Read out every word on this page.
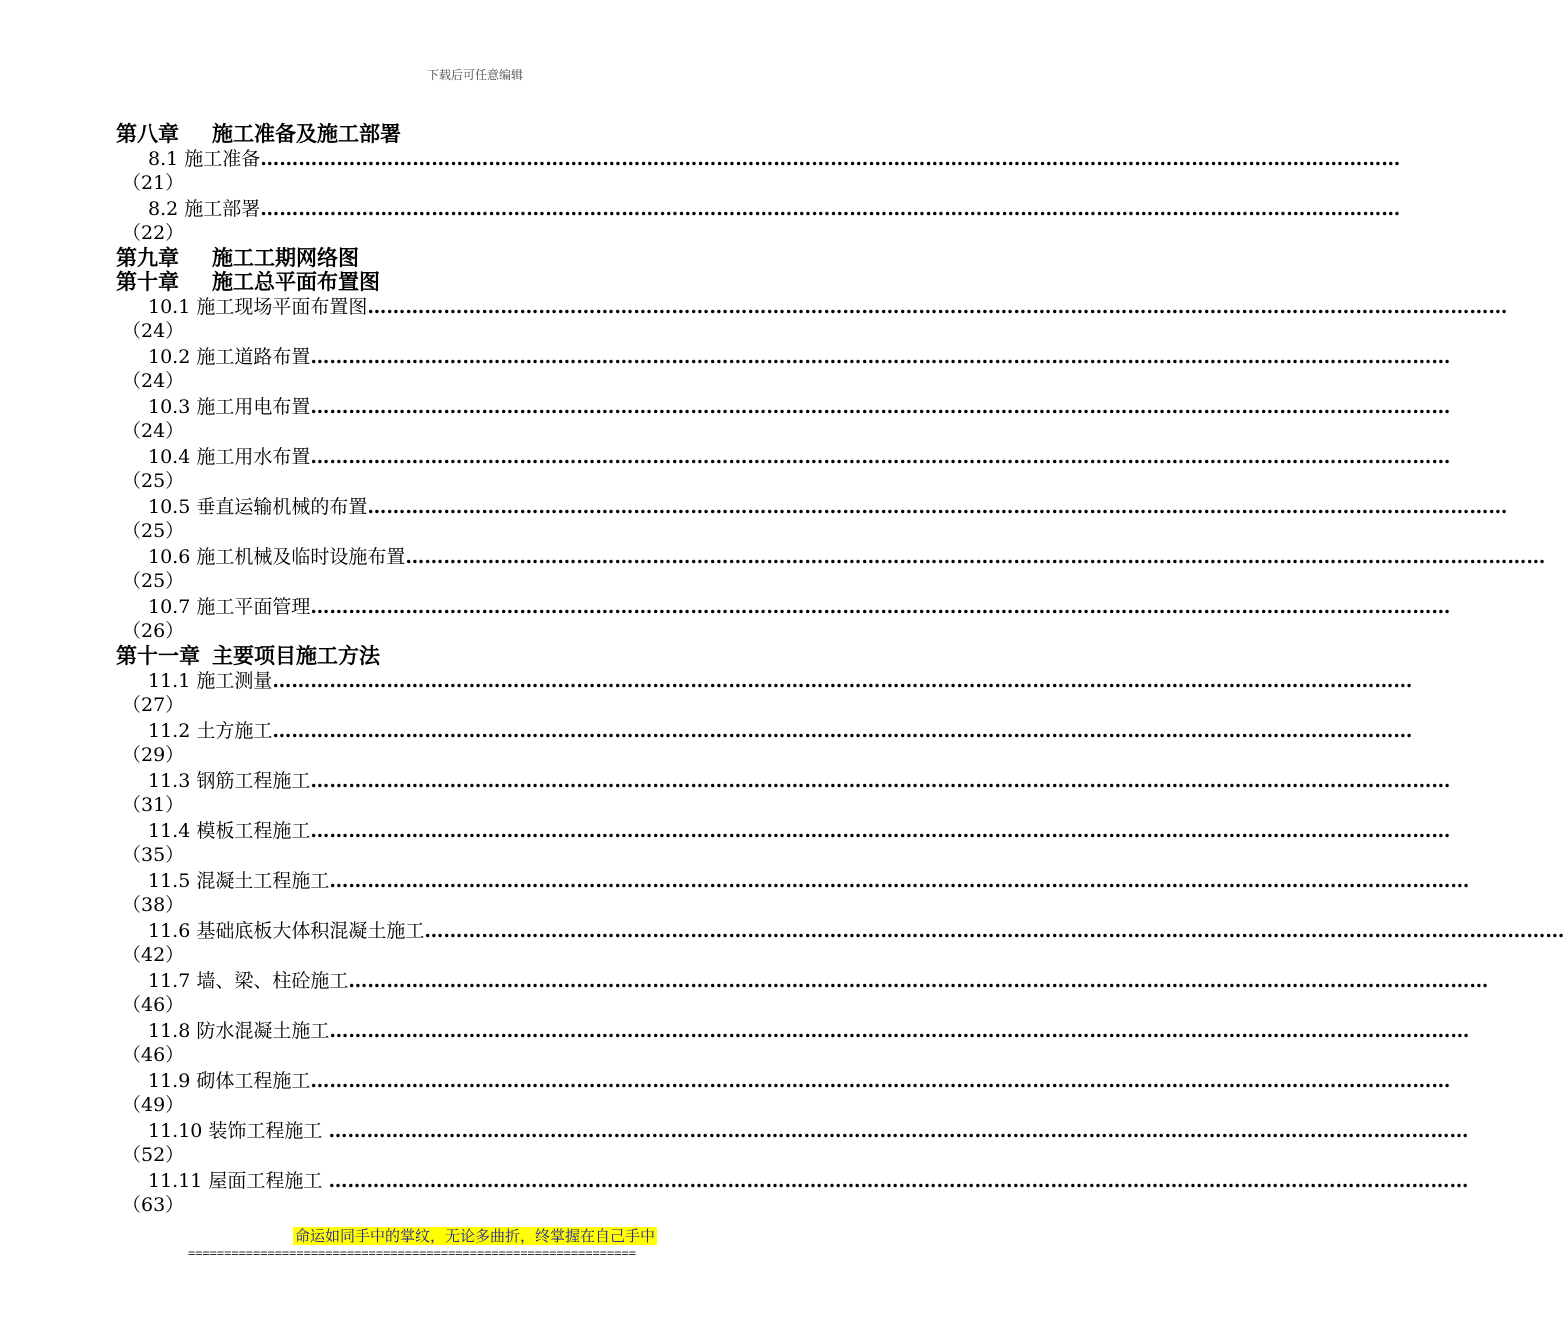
下载后可任意编辑
第八章 施工准备及施工部署
8.1 施工准备………………………………………………………………………………………………………………………………………………………………
（21）
8.2 施工部署………………………………………………………………………………………………………………………………………………………………
（22）
第九章 施工工期网络图
第十章 施工总平面布置图
10.1 施工现场平面布置图………………………………………………………………………………………………………………………………………………………………
（24）
10.2 施工道路布置………………………………………………………………………………………………………………………………………………………………
（24）
10.3 施工用电布置………………………………………………………………………………………………………………………………………………………………
（24）
10.4 施工用水布置………………………………………………………………………………………………………………………………………………………………
（25）
10.5 垂直运输机械的布置………………………………………………………………………………………………………………………………………………………………
（25）
10.6 施工机械及临时设施布置………………………………………………………………………………………………………………………………………………………………
（25）
10.7 施工平面管理………………………………………………………………………………………………………………………………………………………………
（26）
第十一章 主要项目施工方法
11.1 施工测量………………………………………………………………………………………………………………………………………………………………
（27）
11.2 土方施工………………………………………………………………………………………………………………………………………………………………
（29）
11.3 钢筋工程施工………………………………………………………………………………………………………………………………………………………………
（31）
11.4 模板工程施工………………………………………………………………………………………………………………………………………………………………
（35）
11.5 混凝土工程施工………………………………………………………………………………………………………………………………………………………………
（38）
11.6 基础底板大体积混凝土施工………………………………………………………………………………………………………………………………………………………………
（42）
11.7 墙、梁、柱砼施工………………………………………………………………………………………………………………………………………………………………
（46）
11.8 防水混凝土施工………………………………………………………………………………………………………………………………………………………………
（46）
11.9 砌体工程施工………………………………………………………………………………………………………………………………………………………………
（49）
11.10 装饰工程施工 ………………………………………………………………………………………………………………………………………………………………
（52）
11.11 屋面工程施工 ………………………………………………………………………………………………………………………………………………………………
（63）
命运如同手中的掌纹，无论多曲折，终掌握在自己手中
==============================================================
